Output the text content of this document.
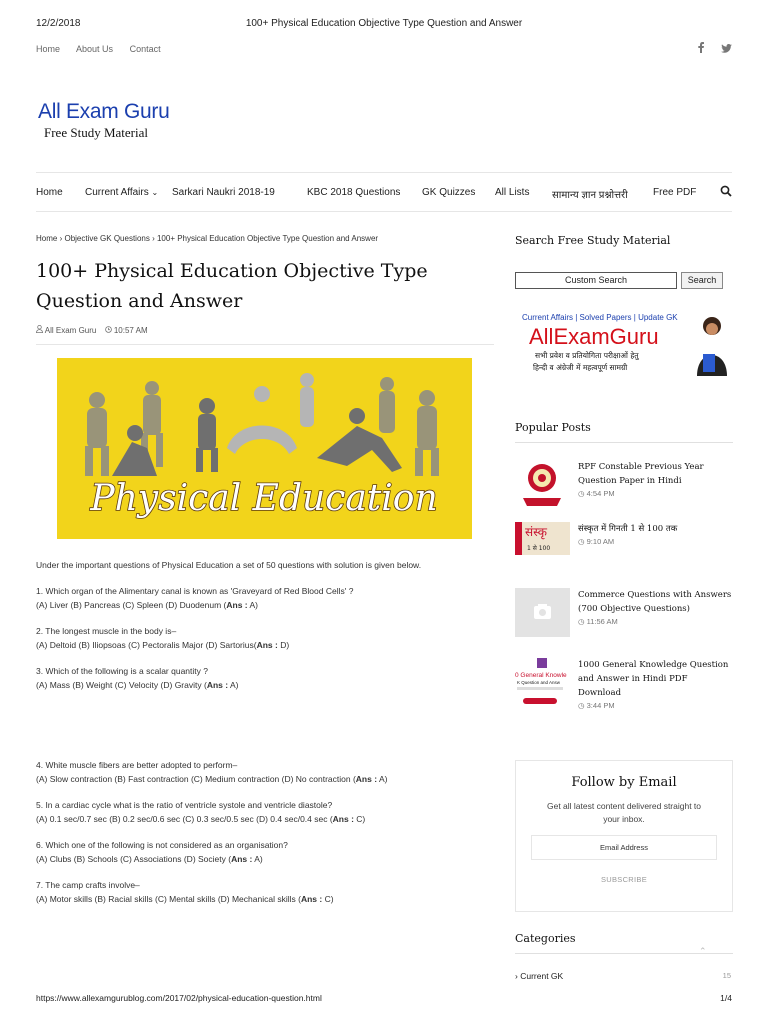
12/2/2018	100+ Physical Education Objective Type Question and Answer
Home About Us Contact

All Exam Guru
Free Study Material
Home Current Affairs ⌄ Sarkari Naukri 2018-19	KBC 2018 Questions GK Quizzes All Lists सामान्य ज्ञान प्रश्नोत्तरी	Free PDF
Home › Objective GK Questions › 100+ Physical Education Objective Type Question and Answer
100+ Physical Education Objective Type Question and Answer
All Exam Guru 10:57 AM
Physical Education

Under the important questions of Physical Education a set of 50 questions with solution is given below.

1. Which organ of the Alimentary canal is known as 'Graveyard of Red Blood Cells' ?

(A) Liver (B) Pancreas (C) Spleen (D) Duodenum (Ans : A)

2. The longest muscle in the body is–

(A) Deltoid (B) Iliopsoas (C) Pectoralis Major (D) Sartorius(Ans : D)

3. Which of the following is a scalar quantity ?

(A) Mass (B) Weight (C) Velocity (D) Gravity (Ans : A)

4. White muscle fibers are better adopted to perform–

(A) Slow contraction (B) Fast contraction (C) Medium contraction (D) No contraction (Ans : A)

5. In a cardiac cycle what is the ratio of ventricle systole and ventricle diastole?

(A) 0.1 sec/0.7 sec (B) 0.2 sec/0.6 sec (C) 0.3 sec/0.5 sec (D) 0.4 sec/0.4 sec (Ans : C)

6. Which one of the following is not considered as an organisation?

(A) Clubs (B) Schools (C) Associations (D) Society (Ans : A)

7. The camp crafts involve–

(A) Motor skills (B) Racial skills (C) Mental skills (D) Mechanical skills (Ans : C)

Search Free Study Material
Custom Search	Search
Current Affairs | Solved Papers | Update GK
AllExamGuru
सभी प्रवेश व प्रतियोगिता परीक्षाओं हेतु
हिन्दी व अंग्रेजी में महत्वपूर्ण सामग्री
Popular Posts
RPF Constable Previous Year Question Paper in Hindi
◷ 4:54 PM
संस्कृ
1 से 100
संस्कृत में गिनती 1 से 100 तक
◷ 9:10 AM
Commerce Questions with Answers (700 Objective Questions)
◷ 11:56 AM
0 General Knowle
K Question and Answ
1000 General Knowledge Question and Answer in Hindi PDF Download
◷ 3:44 PM
Follow by Email
Get all latest content delivered straight to your inbox.
Email Address
SUBSCRIBE
Categories
⌃
› Current GK	15
https://www.allexamgurublog.com/2017/02/physical-education-question.html	1/4
